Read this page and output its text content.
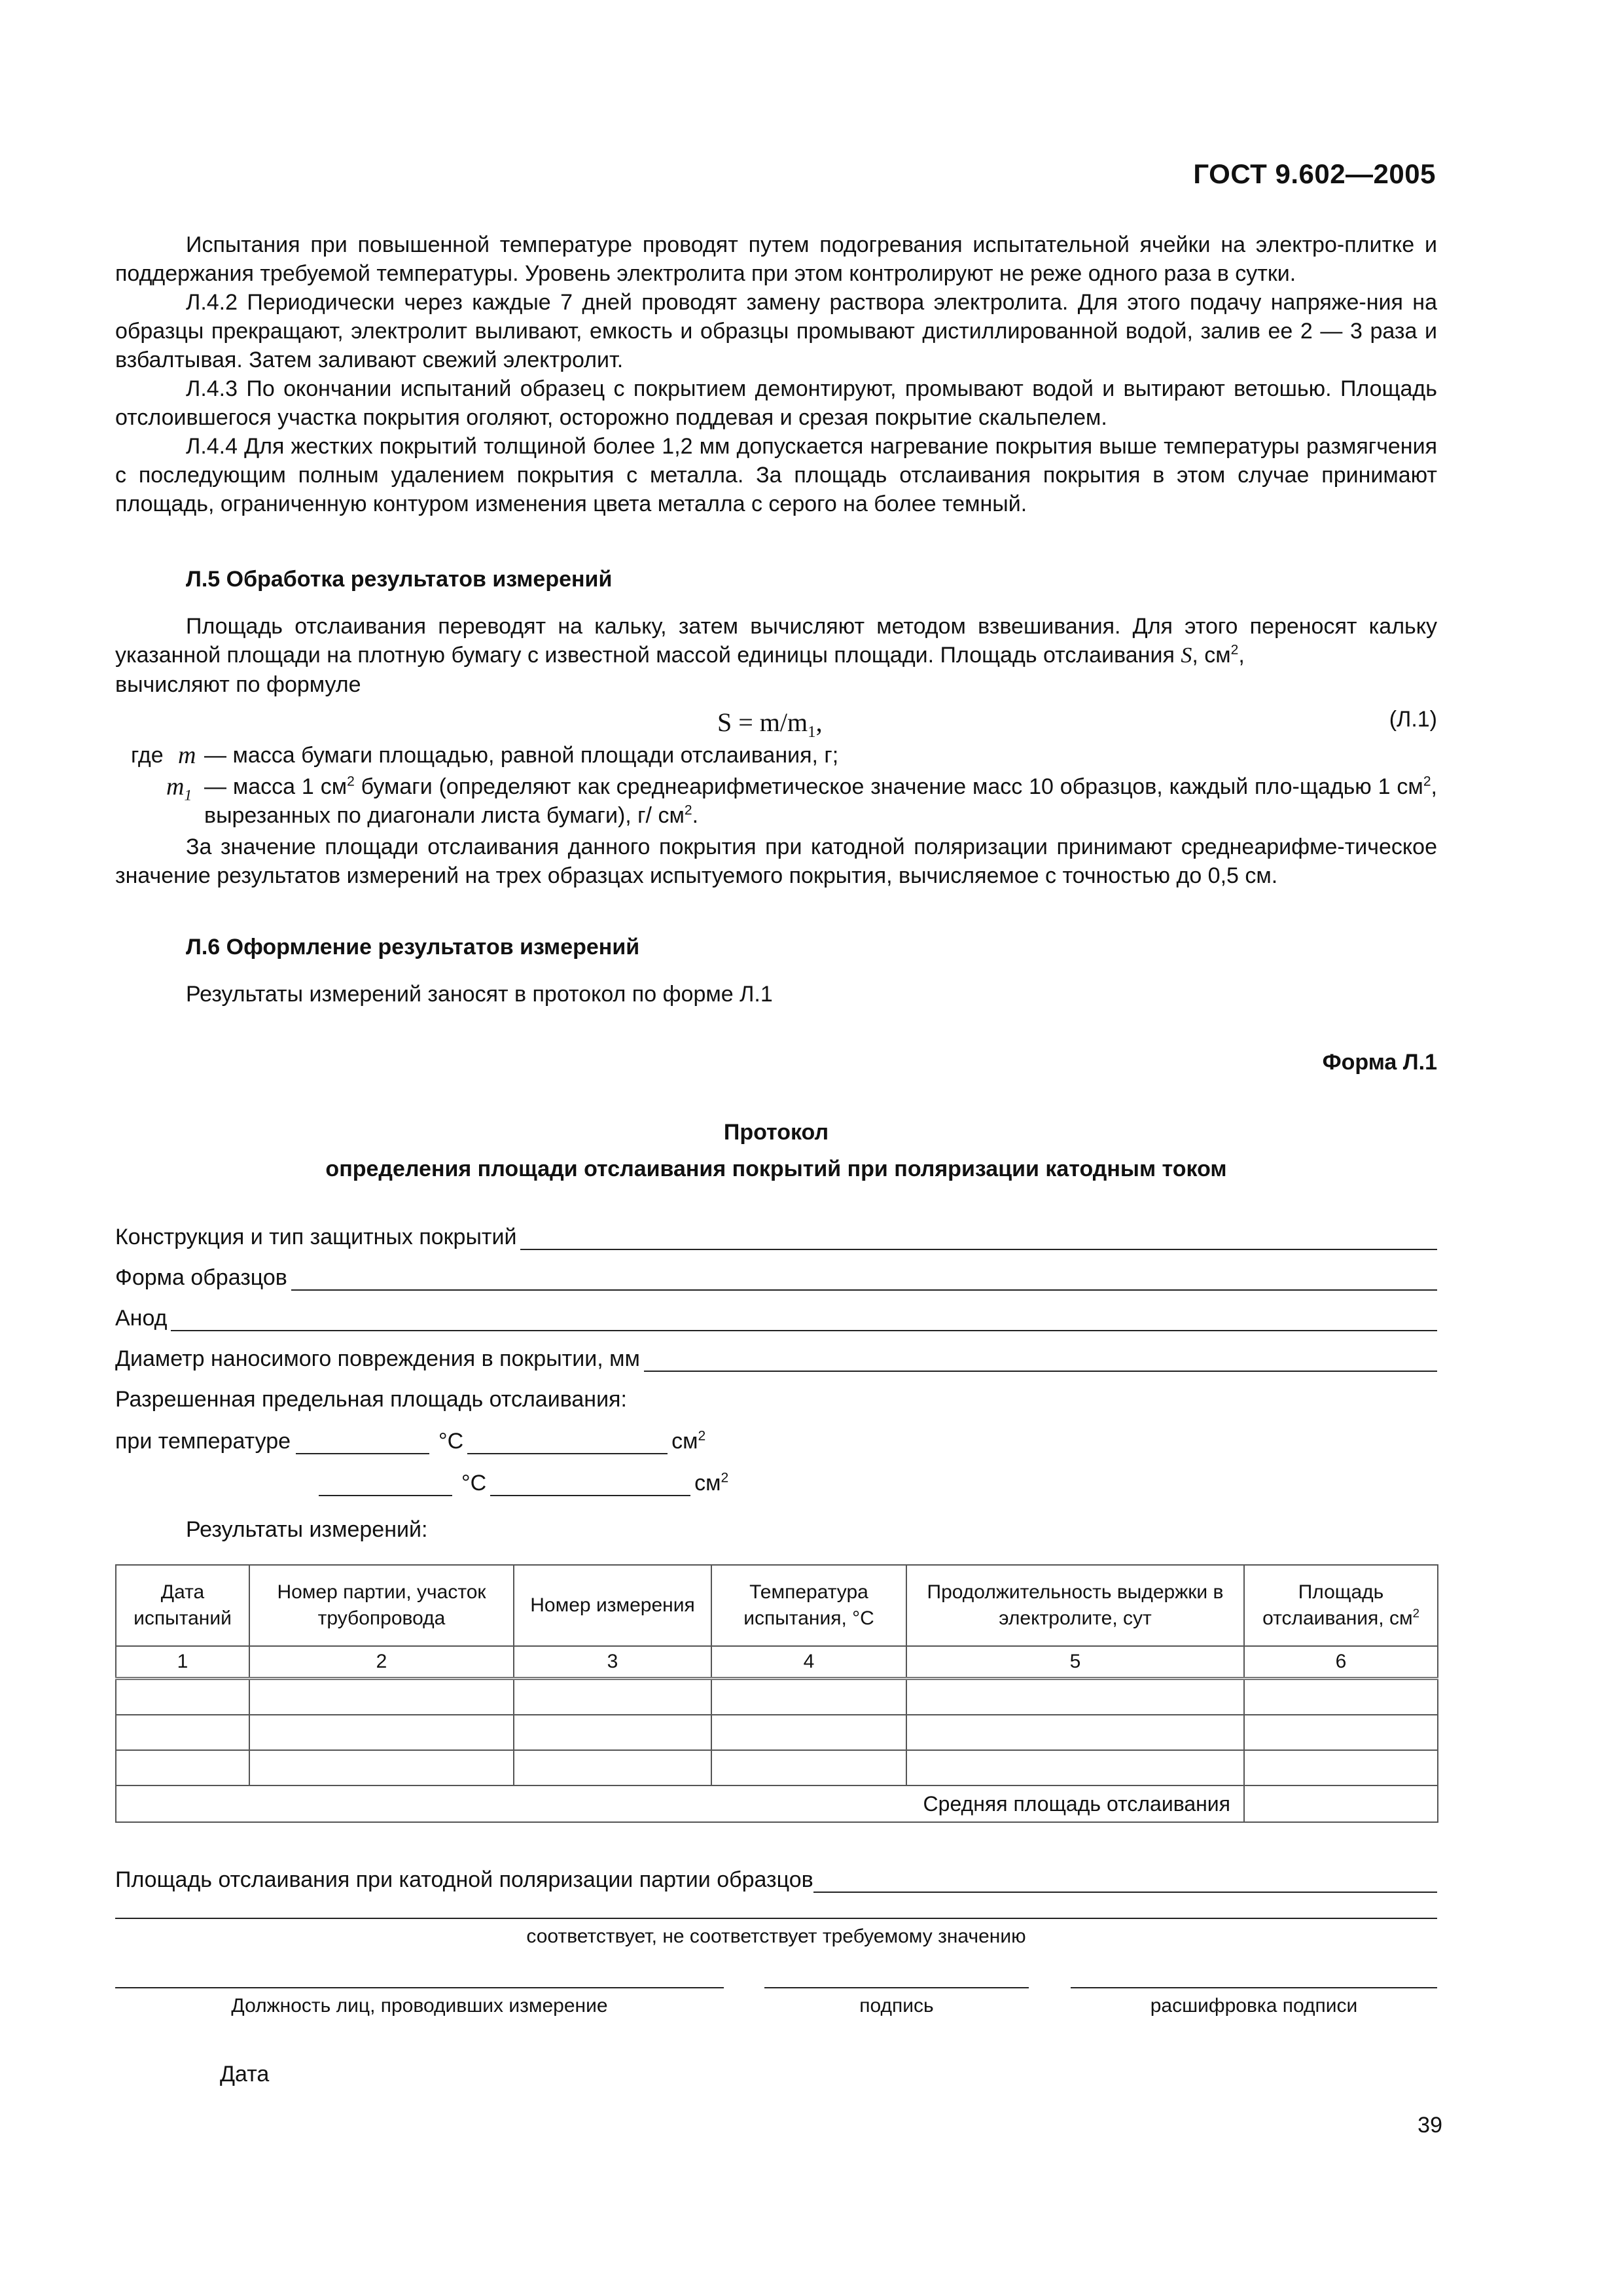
ГОСТ 9.602—2005

Испытания при повышенной температуре проводят путем подогревания испытательной ячейки на электро-плитке и поддержания требуемой температуры. Уровень электролита при этом контролируют не реже одного раза в сутки.

Л.4.2 Периодически через каждые 7 дней проводят замену раствора электролита. Для этого подачу напряже-ния на образцы прекращают, электролит выливают, емкость и образцы промывают дистиллированной водой, залив ее 2 — 3 раза и взбалтывая. Затем заливают свежий электролит.

Л.4.3 По окончании испытаний образец с покрытием демонтируют, промывают водой и вытирают ветошью. Площадь отслоившегося участка покрытия оголяют, осторожно поддевая и срезая покрытие скальпелем.

Л.4.4 Для жестких покрытий толщиной более 1,2 мм допускается нагревание покрытия выше температуры размягчения с последующим полным удалением покрытия с металла. За площадь отслаивания покрытия в этом случае принимают площадь, ограниченную контуром изменения цвета металла с серого на более темный.

Л.5 Обработка результатов измерений

Площадь отслаивания переводят на кальку, затем вычисляют методом взвешивания. Для этого переносят кальку указанной площади на плотную бумагу с известной массой единицы площади. Площадь отслаивания S, $см^2$,

вычисляют по формуле

$S = m/m_1$,	(Л.1)
где m — масса бумаги площадью, равной площади отслаивания, г;
$m_1$ — масса 1 $см^2$ бумаги (определяют как среднеарифметическое значение масс 10 образцов, каждый пло-щадью 1 $см^2$, вырезанных по диагонали листа бумаги), г/ $см^2$.

За значение площади отслаивания данного покрытия при катодной поляризации принимают среднеарифме-тическое значение результатов измерений на трех образцах испытуемого покрытия, вычисляемое с точностью до 0,5 см.

Л.6 Оформление результатов измерений

Результаты измерений заносят в протокол по форме Л.1

Форма Л.1
Протокол
определения площади отслаивания покрытий при поляризации катодным током
Конструкция и тип защитных покрытий
Форма образцов
Анод
Диаметр наносимого повреждения в покрытии, мм
Разрешенная предельная площадь отслаивания:
при температуре	°С	$см^2$
°С	$см^2$
Результаты измерений:
Дата испытаний	Номер партии, участок трубопровода	Номер измерения	Температура испытания, °С	Продолжительность выдержки в электролите, сут	Площадь отслаивания, $см^2$
1	2	3	4	5	6

Средняя площадь отслаивания					
Площадь отслаивания при катодной поляризации партии образцов
соответствует, не соответствует требуемому значению
Должность лиц, проводивших измерение	подпись	расшифровка подписи
Дата
39
